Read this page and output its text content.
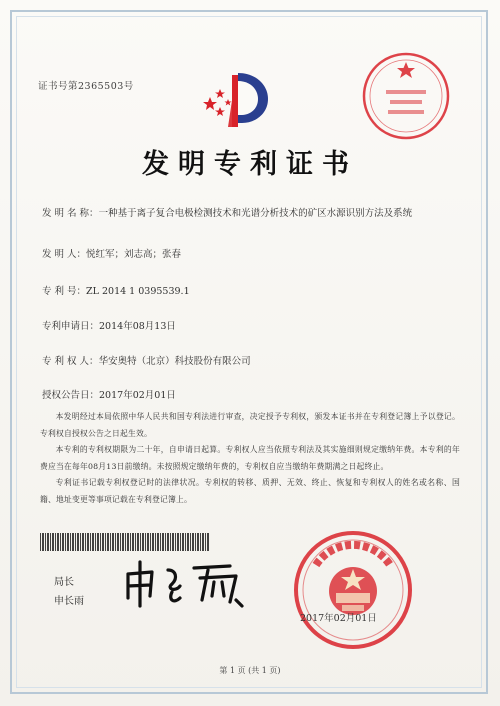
证书号第2365503号
发明专利证书
发 明 名 称：一种基于离子复合电极检测技术和光谱分析技术的矿区水源识别方法及系统
发 明 人：悦红军；刘志高；张春
专 利 号：ZL 2014 1 0395539.1
专利申请日：2014年08月13日
专 利 权 人：华安奥特（北京）科技股份有限公司
授权公告日：2017年02月01日

本发明经过本局依照中华人民共和国专利法进行审查，决定授予专利权，颁发本证书并在专利登记簿上予以登记。专利权自授权公告之日起生效。

本专利的专利权期限为二十年，自申请日起算。专利权人应当依照专利法及其实施细则规定缴纳年费。本专利的年费应当在每年08月13日前缴纳。未按照规定缴纳年费的，专利权自应当缴纳年费期满之日起终止。

专利证书记载专利权登记时的法律状况。专利权的转移、质押、无效、终止、恢复和专利权人的姓名或名称、国籍、地址变更等事项记载在专利登记簿上。

局长
申长雨
2017年02月01日
第 1 页 (共 1 页)
